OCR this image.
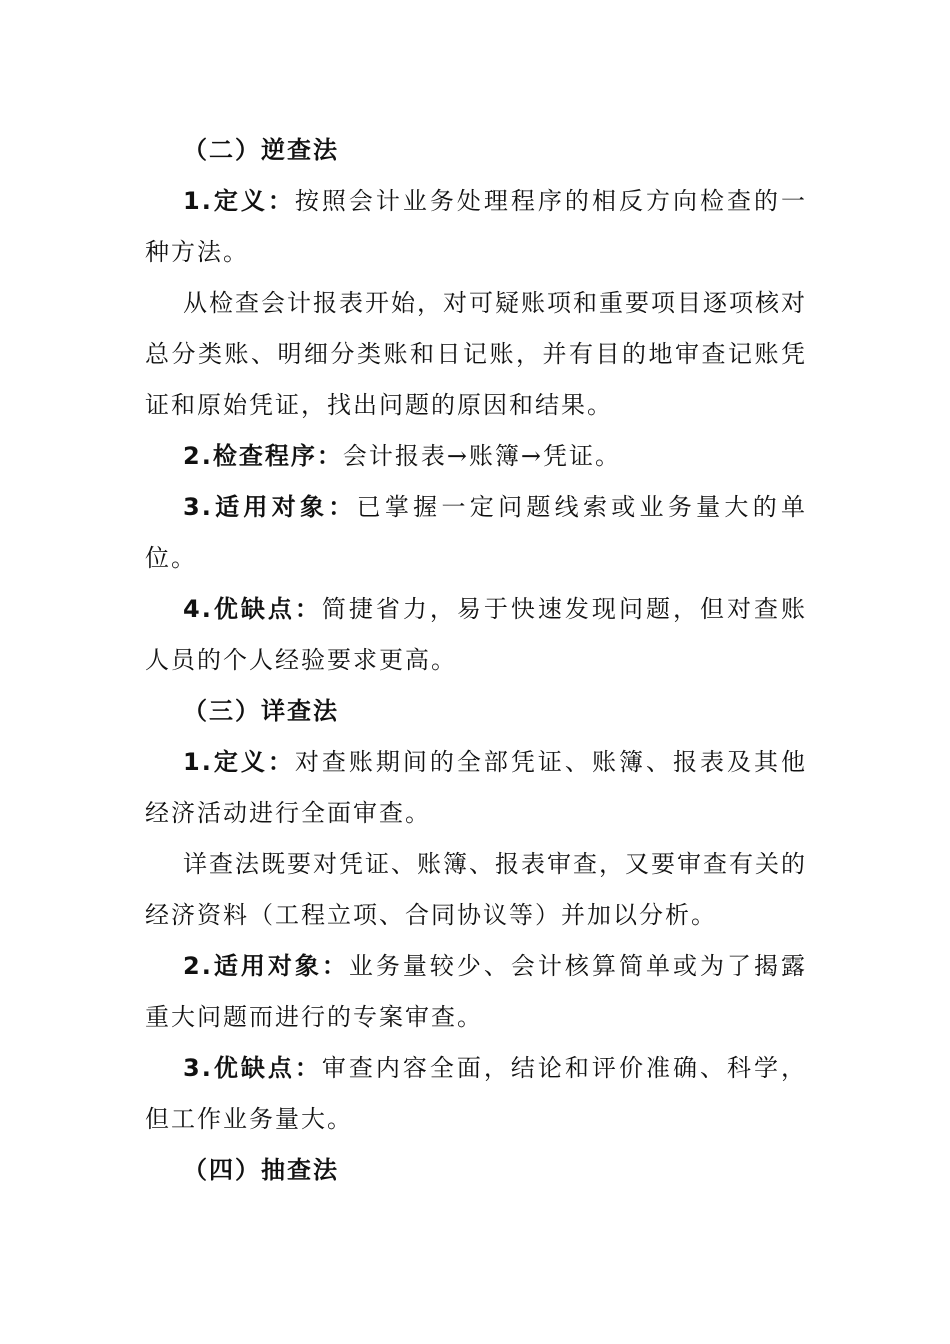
（二）逆查法

1.定义：按照会计业务处理程序的相反方向检查的一种方法。

从检查会计报表开始，对可疑账项和重要项目逐项核对总分类账、明细分类账和日记账，并有目的地审查记账凭证和原始凭证，找出问题的原因和结果。

2.检查程序：会计报表→账簿→凭证。

3.适用对象：已掌握一定问题线索或业务量大的单位。

4.优缺点：简捷省力，易于快速发现问题，但对查账人员的个人经验要求更高。

（三）详查法

1.定义：对查账期间的全部凭证、账簿、报表及其他经济活动进行全面审查。

详查法既要对凭证、账簿、报表审查，又要审查有关的经济资料（工程立项、合同协议等）并加以分析。

2.适用对象：业务量较少、会计核算简单或为了揭露重大问题而进行的专案审查。

3.优缺点：审查内容全面，结论和评价准确、科学，但工作业务量大。

（四）抽查法
